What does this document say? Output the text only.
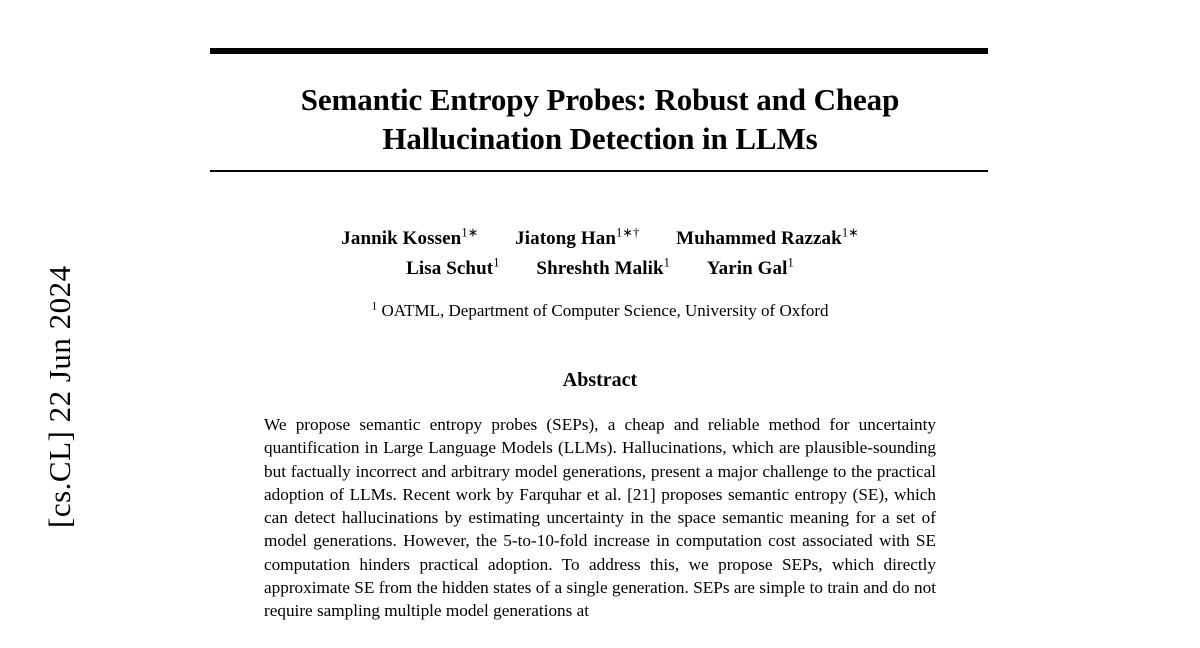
[cs.CL] 22 Jun 2024
Semantic Entropy Probes: Robust and Cheap
Hallucination Detection in LLMs
Jannik Kossen$^{1∗}$ Jiatong Han$^{1∗\dagger}$ Muhammed Razzak$^{1∗}$
Lisa Schut$^1$ Shreshth Malik$^1$ Yarin Gal$^1$
$^1$ OATML, Department of Computer Science, University of Oxford
Abstract

We propose semantic entropy probes (SEPs), a cheap and reliable method for uncertainty quantification in Large Language Models (LLMs). Hallucinations, which are plausible-sounding but factually incorrect and arbitrary model generations, present a major challenge to the practical adoption of LLMs. Recent work by Farquhar et al. [21] proposes semantic entropy (SE), which can detect hallucinations by estimating uncertainty in the space semantic meaning for a set of model generations. However, the 5-to-10-fold increase in computation cost associated with SE computation hinders practical adoption. To address this, we propose SEPs, which directly approximate SE from the hidden states of a single generation. SEPs are simple to train and do not require sampling multiple model generations at
